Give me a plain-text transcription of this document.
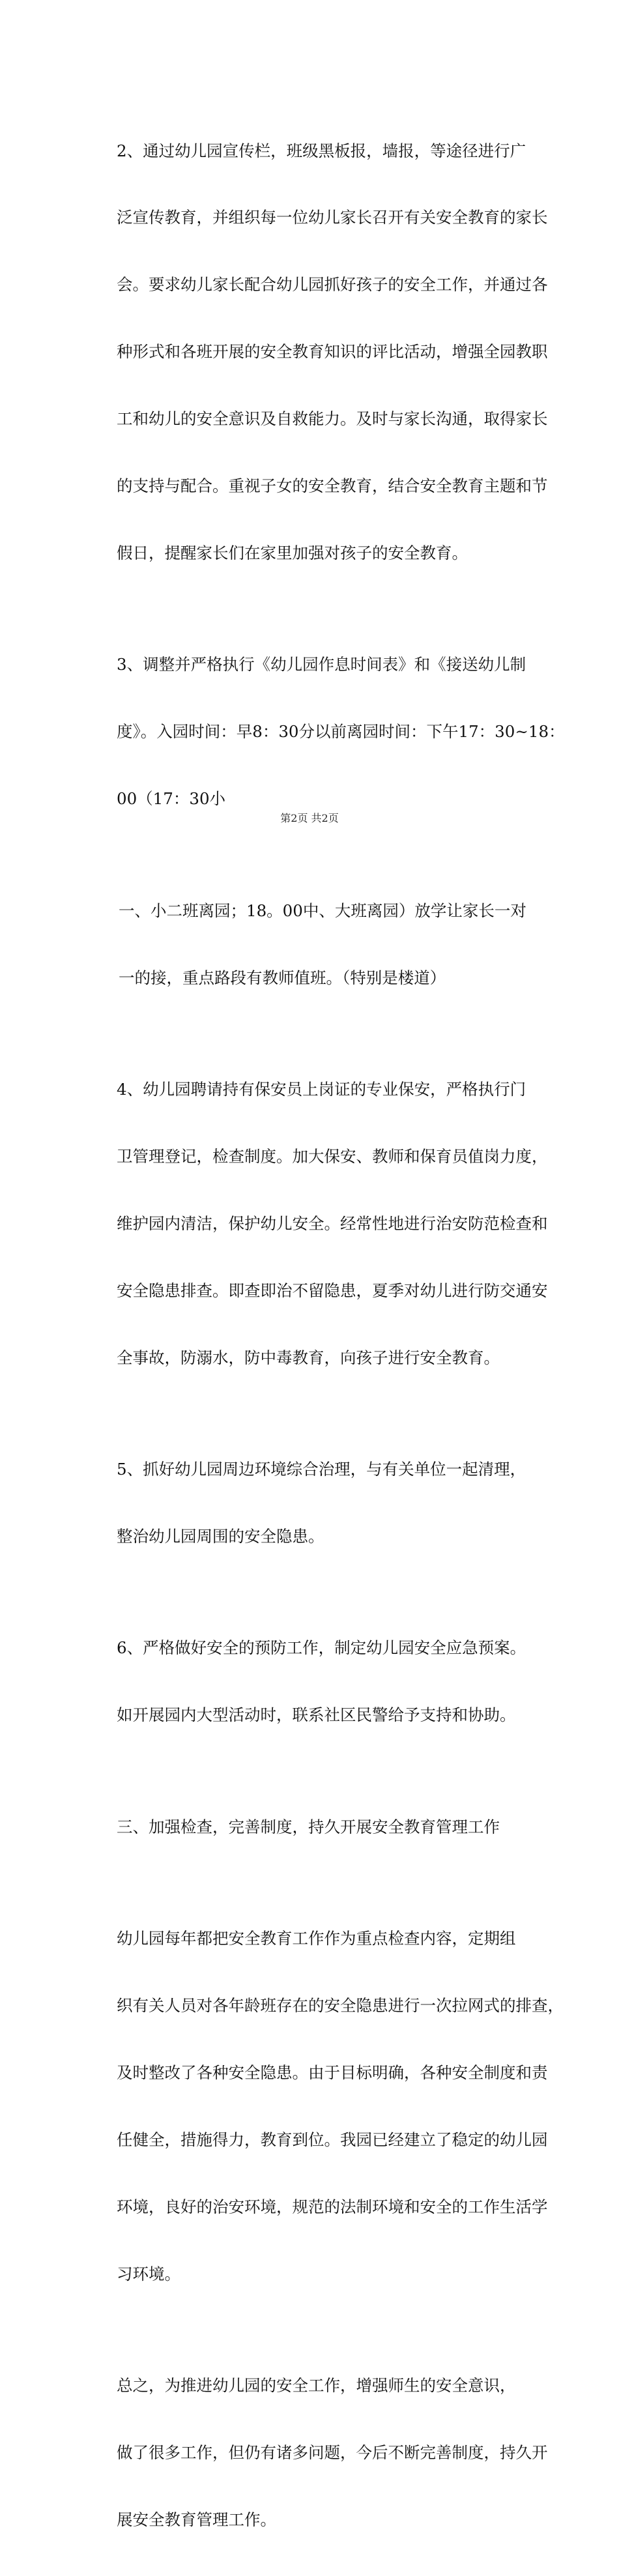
2、通过幼儿园宣传栏，班级黑板报，墙报，等途径进行广

泛宣传教育，并组织每一位幼儿家长召开有关安全教育的家长

会。要求幼儿家长配合幼儿园抓好孩子的安全工作，并通过各

种形式和各班开展的安全教育知识的评比活动，增强全园教职

工和幼儿的安全意识及自救能力。及时与家长沟通，取得家长

的支持与配合。重视子女的安全教育，结合安全教育主题和节

假日，提醒家长们在家里加强对孩子的安全教育。

3、调整并严格执行《幼儿园作息时间表》和《接送幼儿制

度》。入园时间：早8：30分以前离园时间：下午17：30~18：

00（17：30小

一、小二班离园；18。00中、大班离园）放学让家长一对

一的接，重点路段有教师值班。（特别是楼道）

4、幼儿园聘请持有保安员上岗证的专业保安，严格执行门

卫管理登记，检查制度。加大保安、教师和保育员值岗力度，

维护园内清洁，保护幼儿安全。经常性地进行治安防范检查和

安全隐患排查。即查即治不留隐患，夏季对幼儿进行防交通安

全事故，防溺水，防中毒教育，向孩子进行安全教育。

5、抓好幼儿园周边环境综合治理，与有关单位一起清理，

整治幼儿园周围的安全隐患。

6、严格做好安全的预防工作，制定幼儿园安全应急预案。

如开展园内大型活动时，联系社区民警给予支持和协助。

三、加强检查，完善制度，持久开展安全教育管理工作

幼儿园每年都把安全教育工作作为重点检查内容，定期组

织有关人员对各年龄班存在的安全隐患进行一次拉网式的排查，

及时整改了各种安全隐患。由于目标明确，各种安全制度和责

任健全，措施得力，教育到位。我园已经建立了稳定的幼儿园

环境，良好的治安环境，规范的法制环境和安全的工作生活学

习环境。

总之，为推进幼儿园的安全工作，增强师生的安全意识，

做了很多工作，但仍有诸多问题，今后不断完善制度，持久开

展安全教育管理工作。

第2页 共2页
